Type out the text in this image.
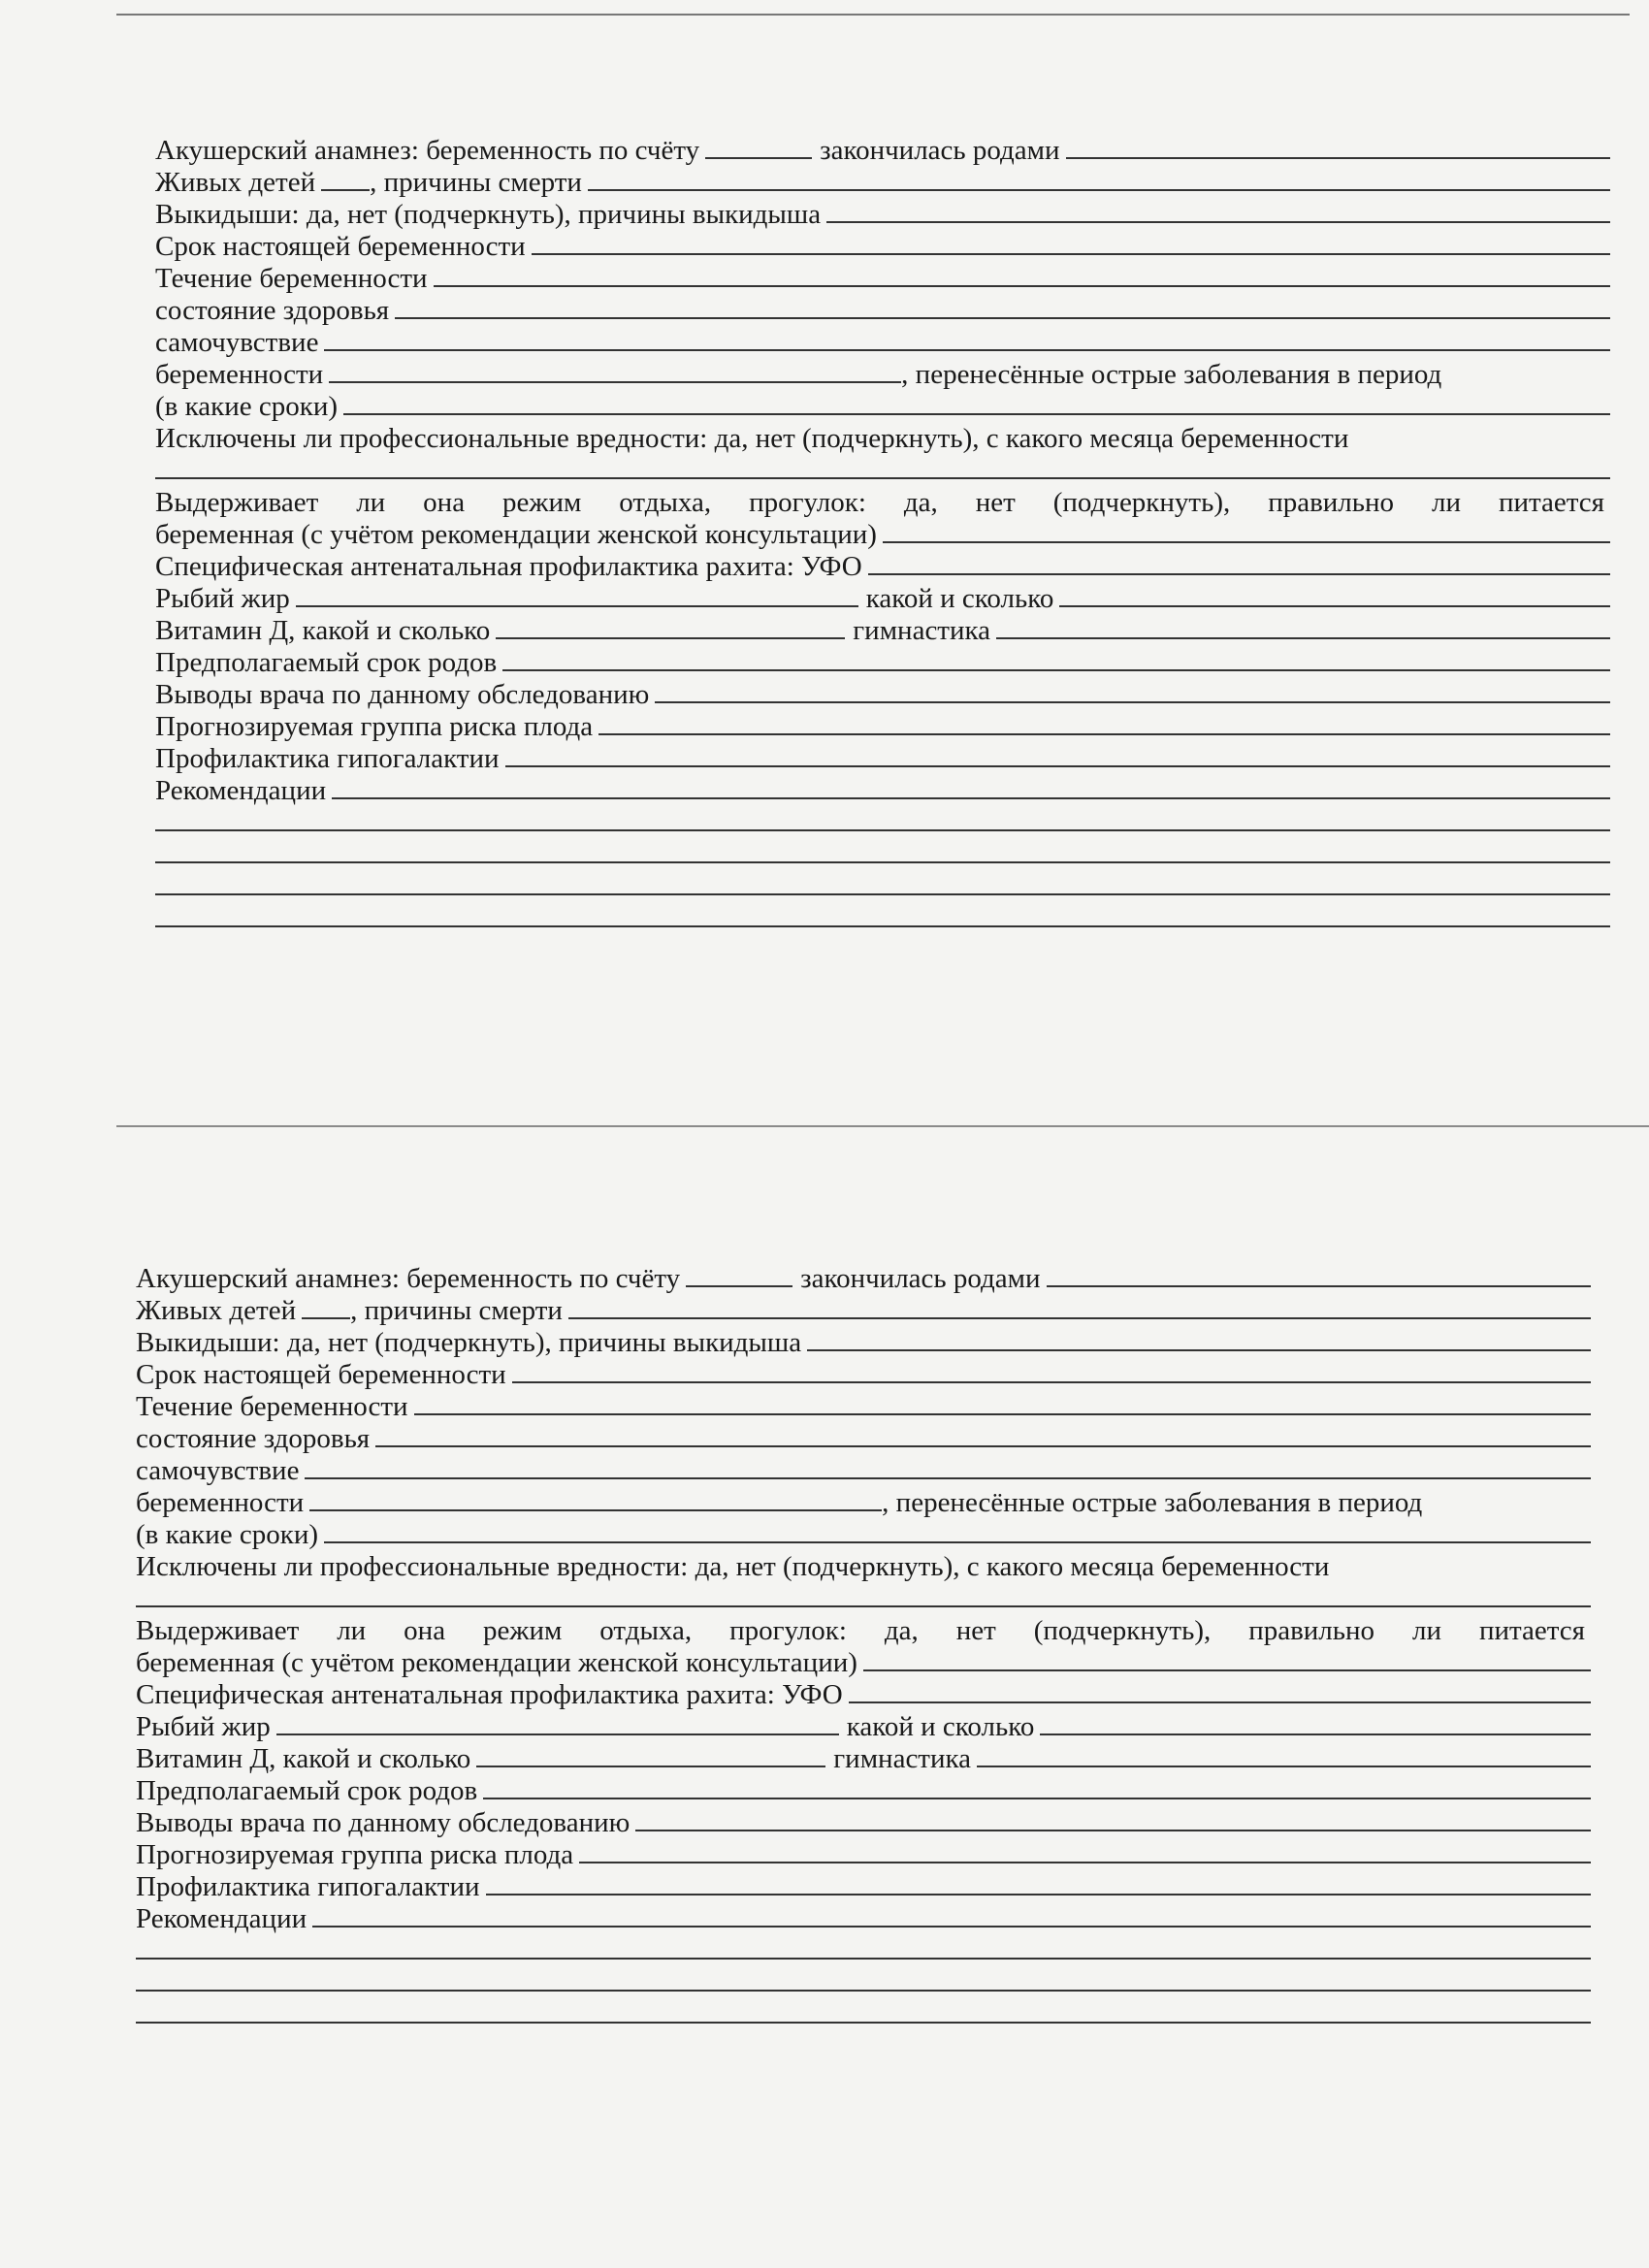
Акушерский анамнез: беременность по счёту	закончилась родами
Живых детей , причины смерти
Выкидыши: да, нет (подчеркнуть), причины выкидыша
Срок настоящей беременности
Течение беременности
состояние здоровья
самочувствие
беременности	, перенесённые острые заболевания в период
(в какие сроки)
Исключены ли профессиональные вредности: да, нет (подчеркнуть), с какого месяца беременности
Выдерживает ли она режим отдыха, прогулок: да, нет (подчеркнуть), правильно ли питается
беременная (с учётом рекомендации женской консультации)
Специфическая антенатальная профилактика рахита: УФО
Рыбий жир	какой и сколько
Витамин Д, какой и сколько	гимнастика
Предполагаемый срок родов
Выводы врача по данному обследованию
Прогнозируемая группа риска плода
Профилактика гипогалактии
Рекомендации
Акушерский анамнез: беременность по счёту	закончилась родами
Живых детей , причины смерти
Выкидыши: да, нет (подчеркнуть), причины выкидыша
Срок настоящей беременности
Течение беременности
состояние здоровья
самочувствие
беременности	, перенесённые острые заболевания в период
(в какие сроки)
Исключены ли профессиональные вредности: да, нет (подчеркнуть), с какого месяца беременности
Выдерживает ли она режим отдыха, прогулок: да, нет (подчеркнуть), правильно ли питается
беременная (с учётом рекомендации женской консультации)
Специфическая антенатальная профилактика рахита: УФО
Рыбий жир	какой и сколько
Витамин Д, какой и сколько	гимнастика
Предполагаемый срок родов
Выводы врача по данному обследованию
Прогнозируемая группа риска плода
Профилактика гипогалактии
Рекомендации
